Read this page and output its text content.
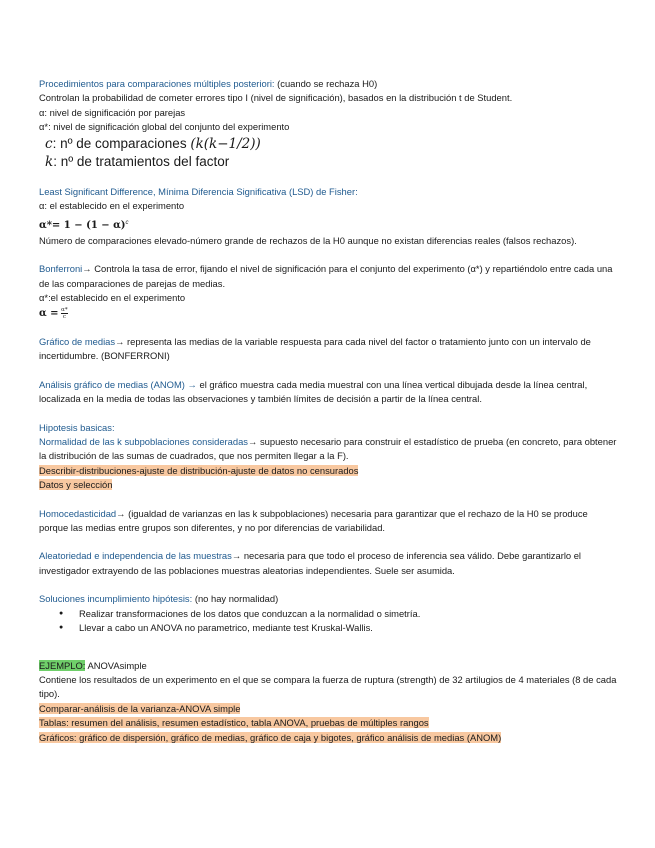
Procedimientos para comparaciones múltiples posteriori: (cuando se rechaza H0)
Controlan la probabilidad de cometer errores tipo I (nivel de significación), basados en la distribución t de Student.
α: nivel de significación por parejas
α*: nivel de significación global del conjunto del experimento
c: nº de comparaciones (k(k−1/2))
k: nº de tratamientos del factor
Least Significant Difference, Mínima Diferencia Significativa (LSD) de Fisher:
α: el establecido en el experimento
$\alpha*= 1 - (1 - \alpha)^c$
Número de comparaciones elevado-número grande de rechazos de la H0 aunque no existan diferencias reales (falsos rechazos).
Bonferroni→ Controla la tasa de error, fijando el nivel de significación para el conjunto del experimento (α*) y repartiéndolo entre cada una de las comparaciones de parejas de medias.
α*:el establecido en el experimento
$\alpha = \frac{\alpha*}{c}$
Gráfico de medias→ representa las medias de la variable respuesta para cada nivel del factor o tratamiento junto con un intervalo de incertidumbre. (BONFERRONI)
Análisis gráfico de medias (ANOM) → el gráfico muestra cada media muestral con una línea vertical dibujada desde la línea central, localizada en la media de todas las observaciones y también límites de decisión a partir de la línea central.
Hipotesis basicas:
Normalidad de las k subpoblaciones consideradas→ supuesto necesario para construir el estadístico de prueba (en concreto, para obtener la distribución de las sumas de cuadrados, que nos permiten llegar a la F).
Describir-distribuciones-ajuste de distribución-ajuste de datos no censurados
Datos y selección
Homocedasticidad→ (igualdad de varianzas en las k subpoblaciones) necesaria para garantizar que el rechazo de la H0 se produce porque las medias entre grupos son diferentes, y no por diferencias de variabilidad.
Aleatoriedad e independencia de las muestras→ necesaria para que todo el proceso de inferencia sea válido. Debe garantizarlo el investigador extrayendo de las poblaciones muestras aleatorias independientes. Suele ser asumida.
Soluciones incumplimiento hipótesis: (no hay normalidad)
● Realizar transformaciones de los datos que conduzcan a la normalidad o simetría.
● Llevar a cabo un ANOVA no parametrico, mediante test Kruskal-Wallis.
EJEMPLO: ANOVAsimple
Contiene los resultados de un experimento en el que se compara la fuerza de ruptura (strength) de 32 artilugios de 4 materiales (8 de cada tipo).
Comparar-análisis de la varianza-ANOVA simple
Tablas: resumen del análisis, resumen estadístico, tabla ANOVA, pruebas de múltiples rangos
Gráficos: gráfico de dispersión, gráfico de medias, gráfico de caja y bigotes, gráfico análisis de medias (ANOM)
